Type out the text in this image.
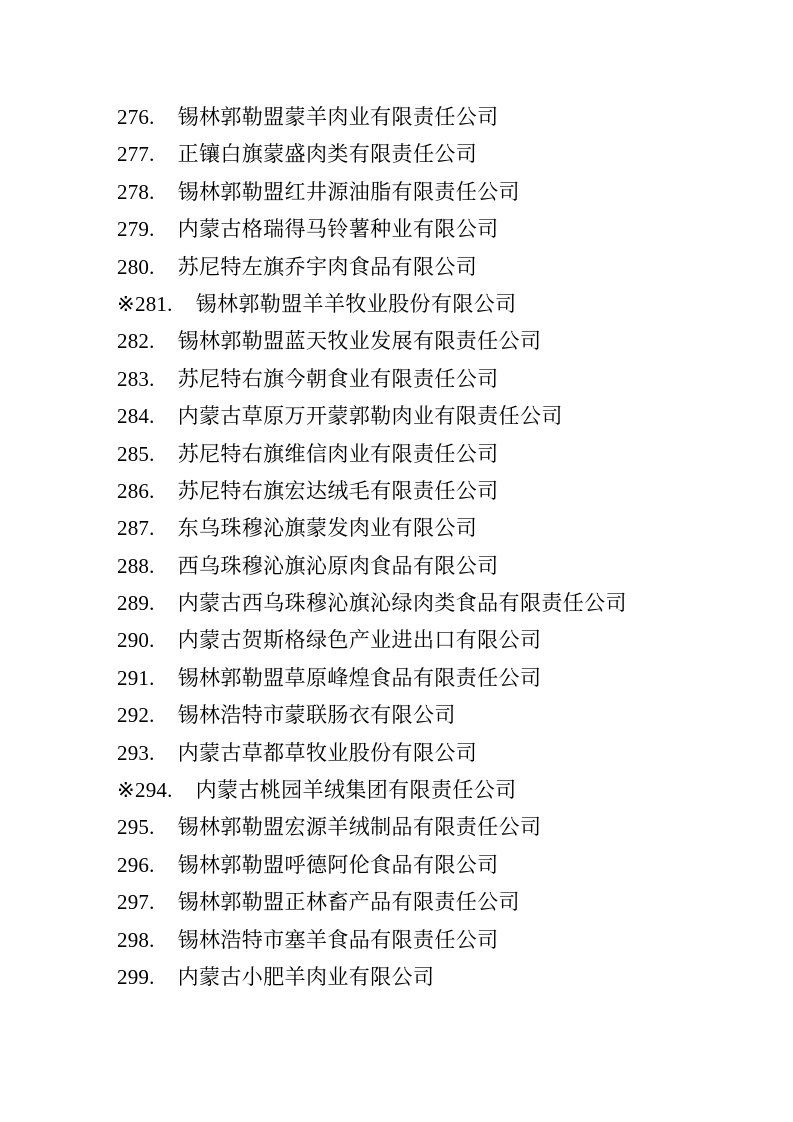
276. 锡林郭勒盟蒙羊肉业有限责任公司

277. 正镶白旗蒙盛肉类有限责任公司

278. 锡林郭勒盟红井源油脂有限责任公司

279. 内蒙古格瑞得马铃薯种业有限公司

280. 苏尼特左旗乔宇肉食品有限公司

※281. 锡林郭勒盟羊羊牧业股份有限公司

282. 锡林郭勒盟蓝天牧业发展有限责任公司

283. 苏尼特右旗今朝食业有限责任公司

284. 内蒙古草原万开蒙郭勒肉业有限责任公司

285. 苏尼特右旗维信肉业有限责任公司

286. 苏尼特右旗宏达绒毛有限责任公司

287. 东乌珠穆沁旗蒙发肉业有限公司

288. 西乌珠穆沁旗沁原肉食品有限公司

289. 内蒙古西乌珠穆沁旗沁绿肉类食品有限责任公司

290. 内蒙古贺斯格绿色产业进出口有限公司

291. 锡林郭勒盟草原峰煌食品有限责任公司

292. 锡林浩特市蒙联肠衣有限公司

293. 内蒙古草都草牧业股份有限公司

※294. 内蒙古桃园羊绒集团有限责任公司

295. 锡林郭勒盟宏源羊绒制品有限责任公司

296. 锡林郭勒盟呼德阿伦食品有限公司

297. 锡林郭勒盟正林畜产品有限责任公司

298. 锡林浩特市塞羊食品有限责任公司

299. 内蒙古小肥羊肉业有限公司
